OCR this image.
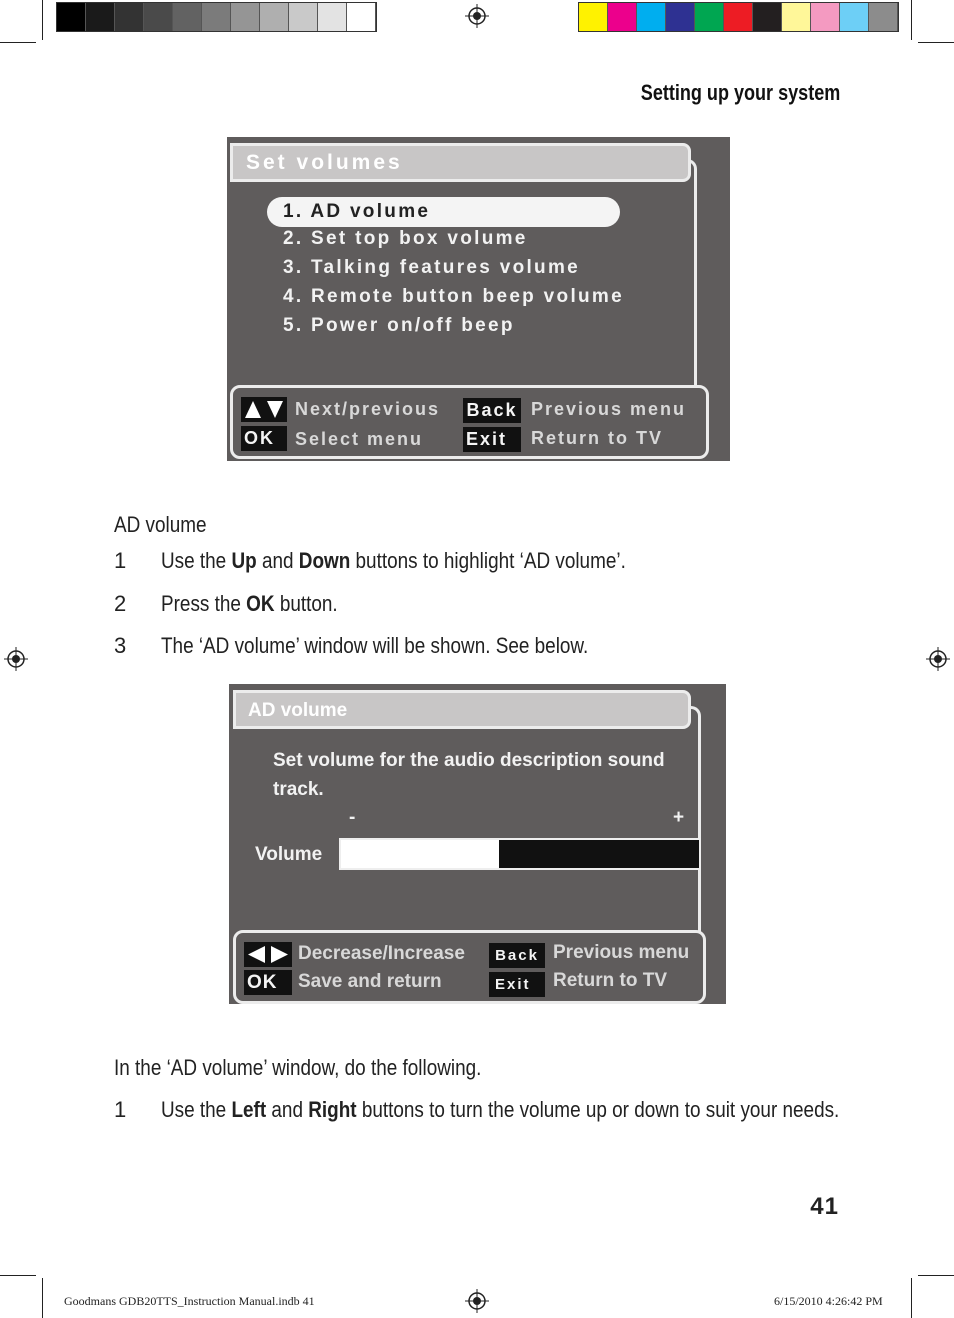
Setting up your system
Set volumes
1. AD volume
2. Set top box volume
3. Talking features volume
4. Remote button beep volume
5. Power on/off beep
Next/previous
OK	Select menu
Back Previous menu
Exit	Return to TV
AD volume
1 Use the Up and Down buttons to highlight ‘AD volume’.
2 Press the OK button.
3 The ‘AD volume’ window will be shown. See below.
AD volume
Set volume for the audio description sound
track.
-	+
Volume
Decrease/Increase
OK	Save and return
Back Previous menu
Exit	Return to TV
In the ‘AD volume’ window, do the following.
1 Use the Left and Right buttons to turn the volume up or down to suit your needs.
41
Goodmans GDB20TTS_Instruction Manual.indb 41	6/15/2010 4:26:42 PM
